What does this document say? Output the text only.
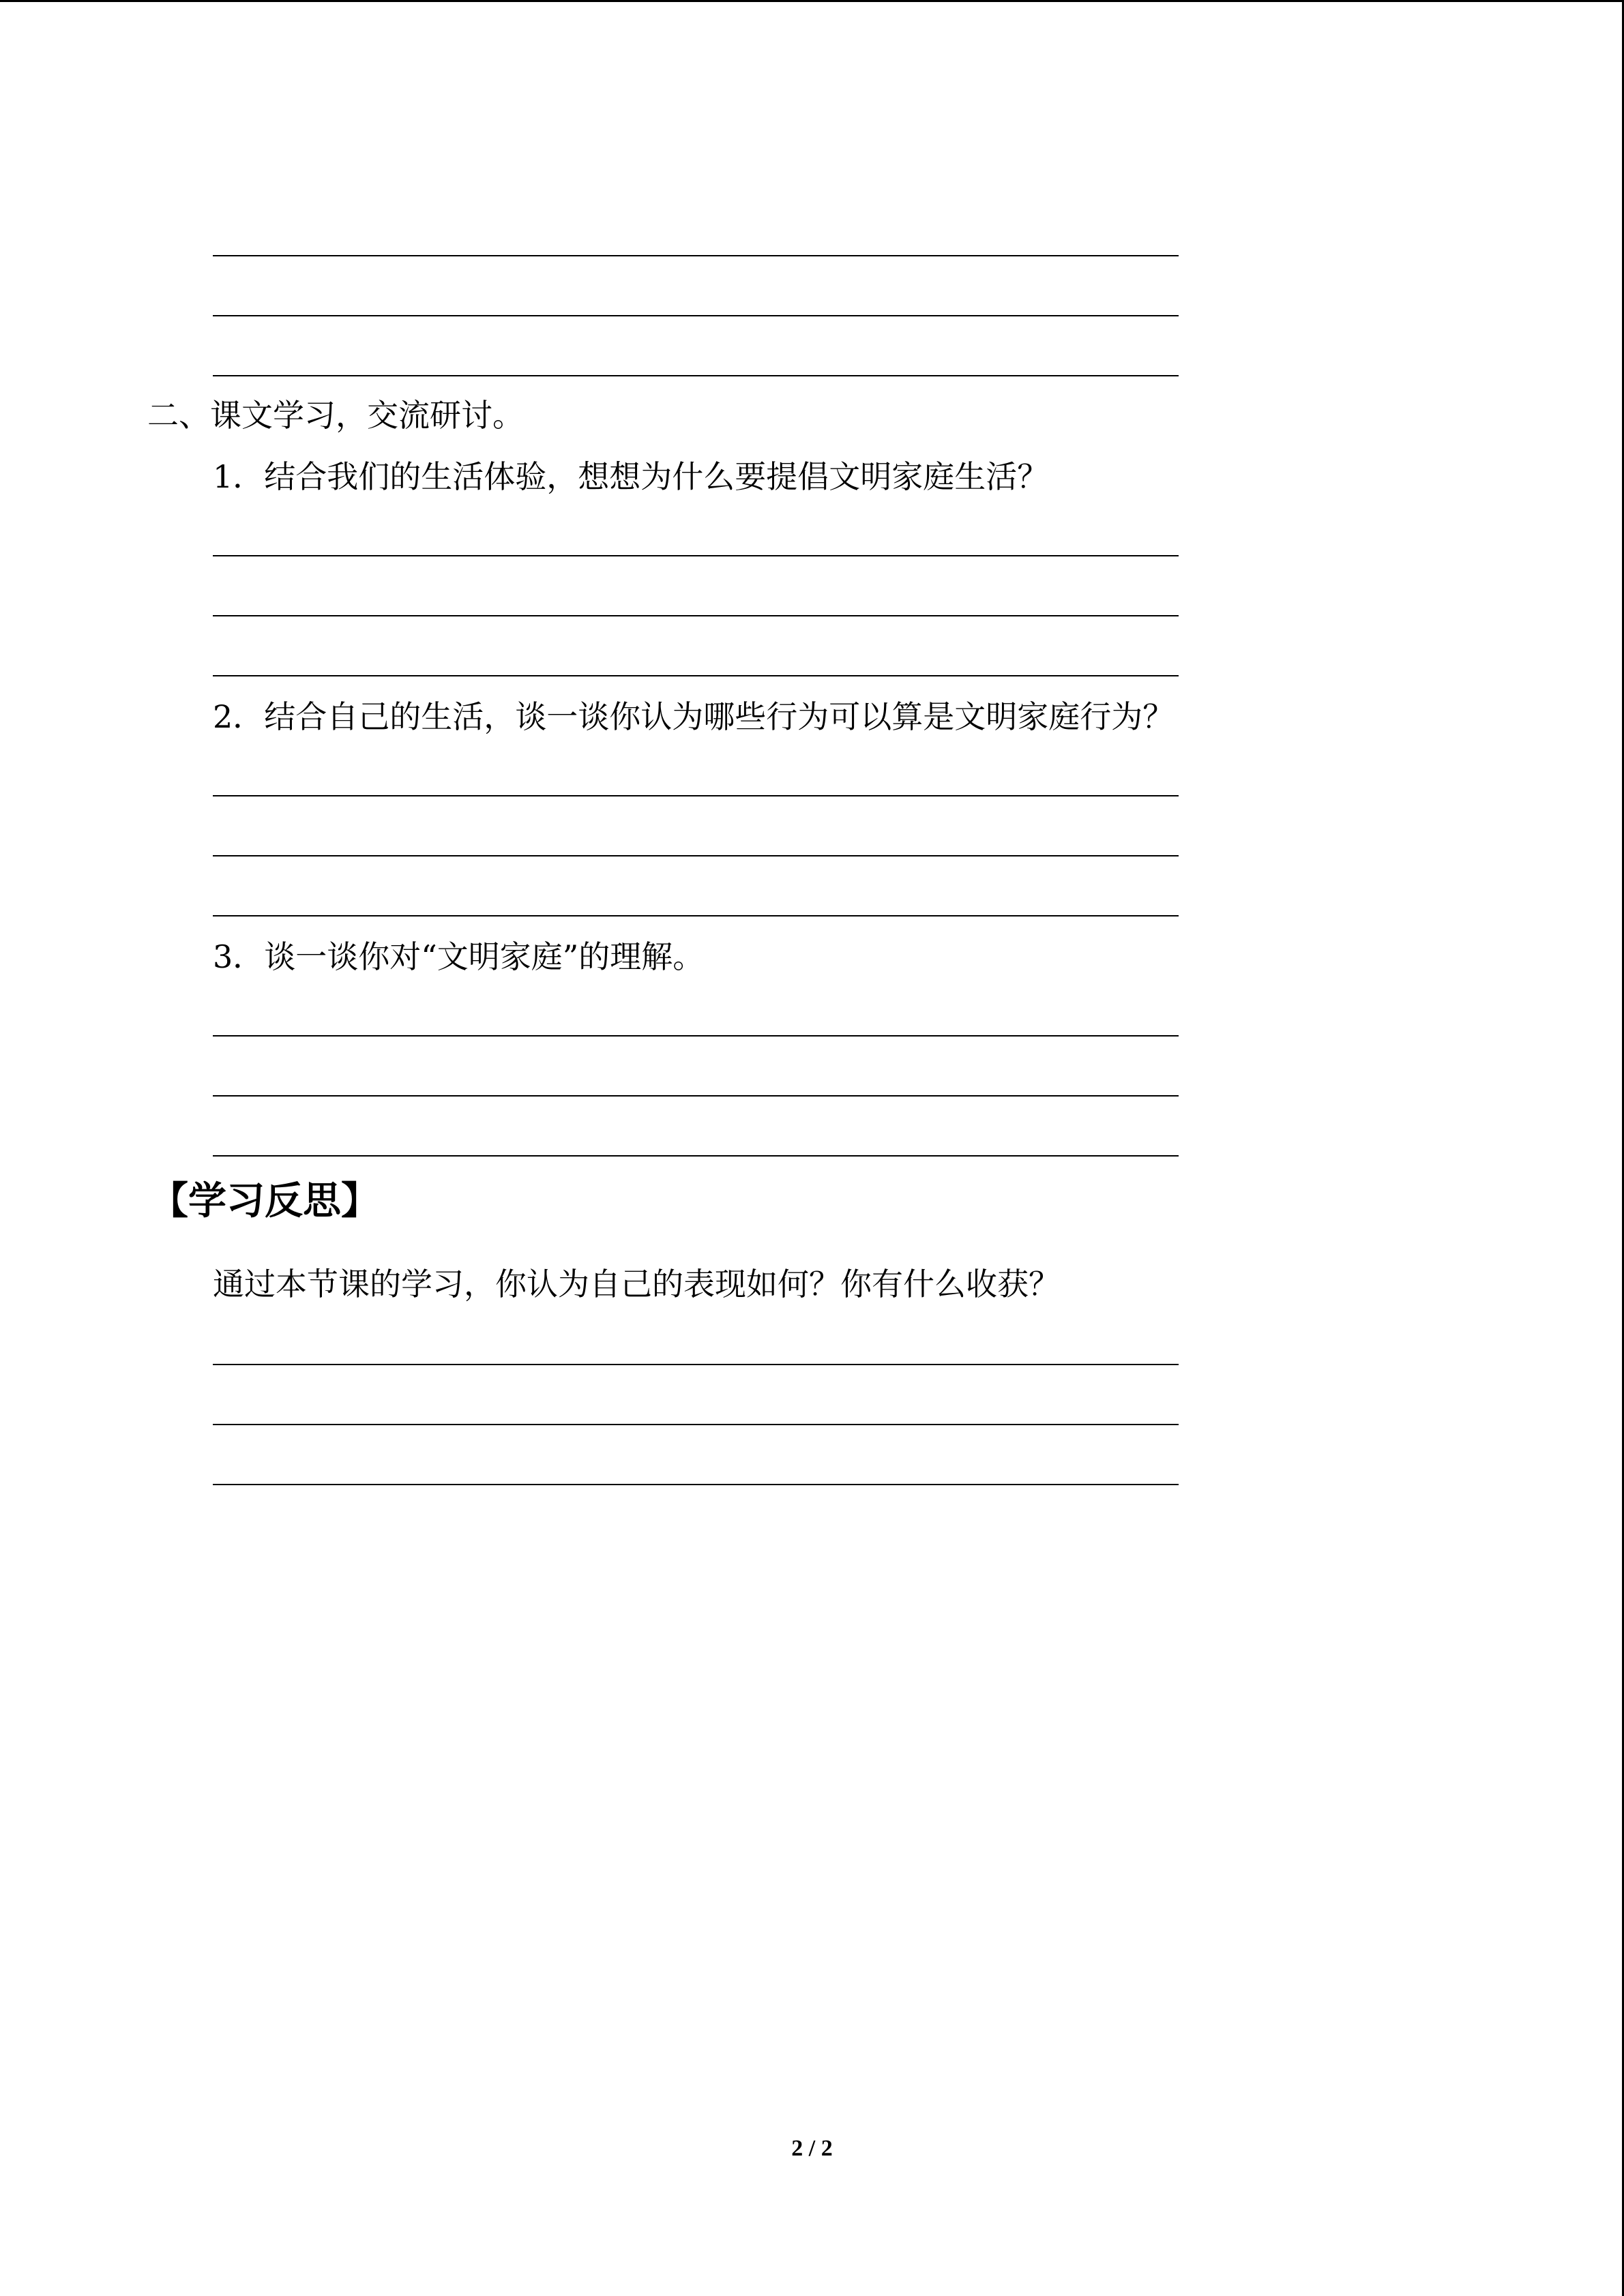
二、课文学习，交流研讨。
1．结合我们的生活体验，想想为什么要提倡文明家庭生活？
2．结合自己的生活，谈一谈你认为哪些行为可以算是文明家庭行为？
3．谈一谈你对“文明家庭”的理解。
【学习反思】
通过本节课的学习，你认为自己的表现如何？你有什么收获？
2 / 2
